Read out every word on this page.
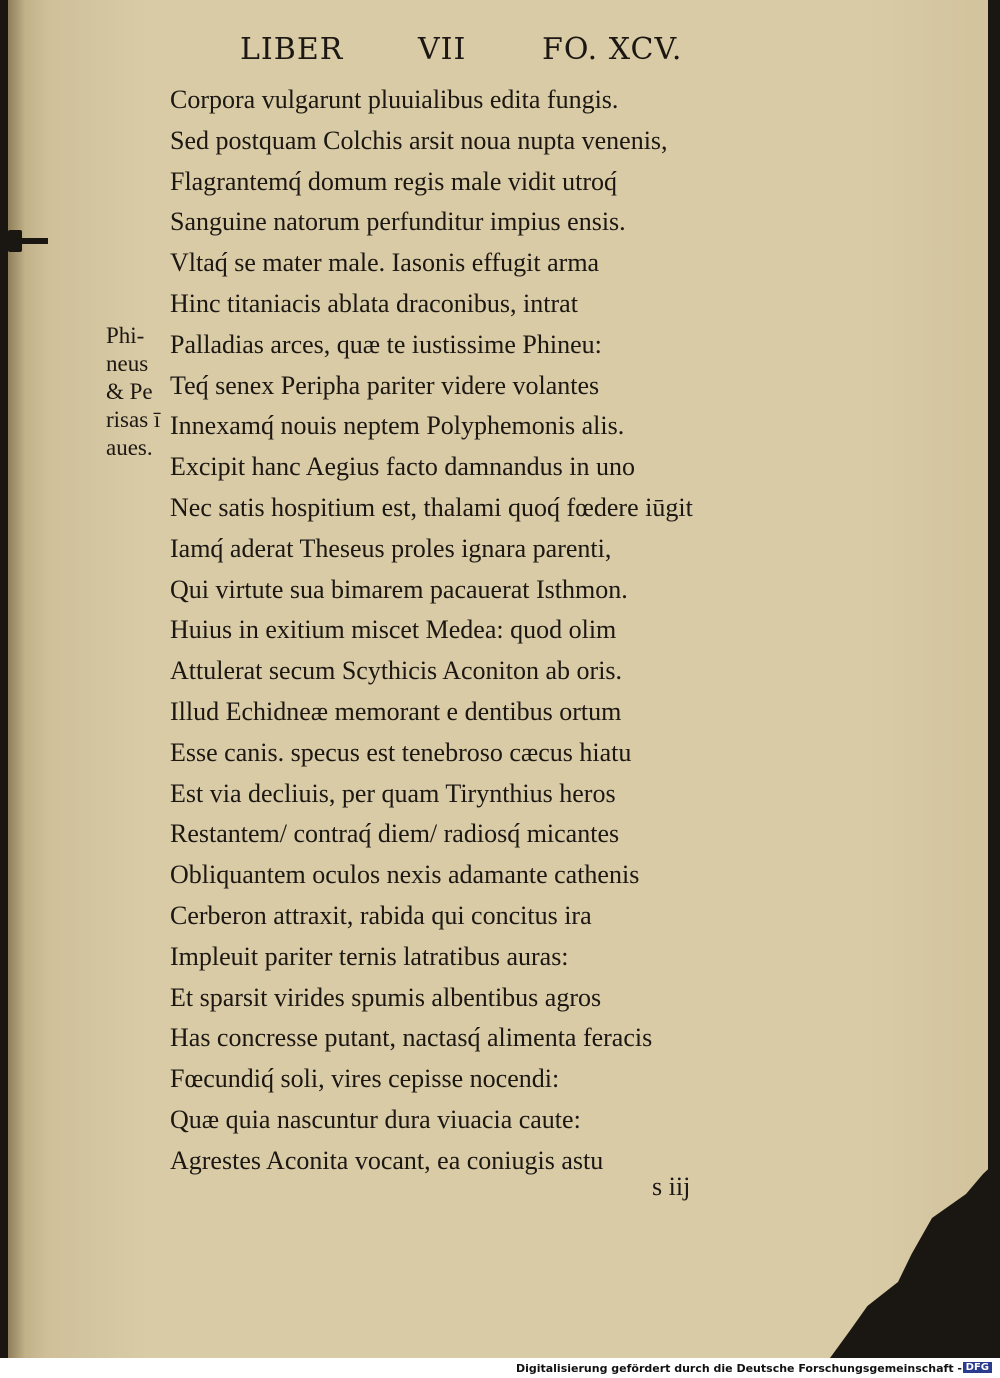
LIBER VII	FO. XCV.
Phi-
neus
& Pe
risas ī
aues.
Corpora vulgarunt pluuialibus edita fungis.
Sed postquam Colchis arsit noua nupta venenis,
Flagrantemq́ domum regis male vidit utroq́
Sanguine natorum perfunditur impius ensis.
Vltaq́ se mater male. Iasonis effugit arma
Hinc titaniacis ablata draconibus, intrat
Palladias arces, quæ te iustissime Phineu:
Teq́ senex Peripha pariter videre volantes
Innexamq́ nouis neptem Polyphemonis alis.
Excipit hanc Aegius facto damnandus in uno
Nec satis hospitium est, thalami quoq́ fœdere iūgit
Iamq́ aderat Theseus proles ignara parenti,
Qui virtute sua bimarem pacauerat Isthmon.
Huius in exitium miscet Medea: quod olim
Attulerat secum Scythicis Aconiton ab oris.
Illud Echidneæ memorant e dentibus ortum
Esse canis. specus est tenebroso cæcus hiatu
Est via decliuis, per quam Tirynthius heros
Restantem/ contraq́ diem/ radiosq́ micantes
Obliquantem oculos nexis adamante cathenis
Cerberon attraxit, rabida qui concitus ira
Impleuit pariter ternis latratibus auras:
Et sparsit virides spumis albentibus agros
Has concresse putant, nactasq́ alimenta feracis
Fœcundiq́ soli, vires cepisse nocendi:
Quæ quia nascuntur dura viuacia caute:
Agrestes Aconita vocant, ea coniugis astu
s iij
Digitalisierung gefördert durch die Deutsche Forschungsgemeinschaft - DFG
